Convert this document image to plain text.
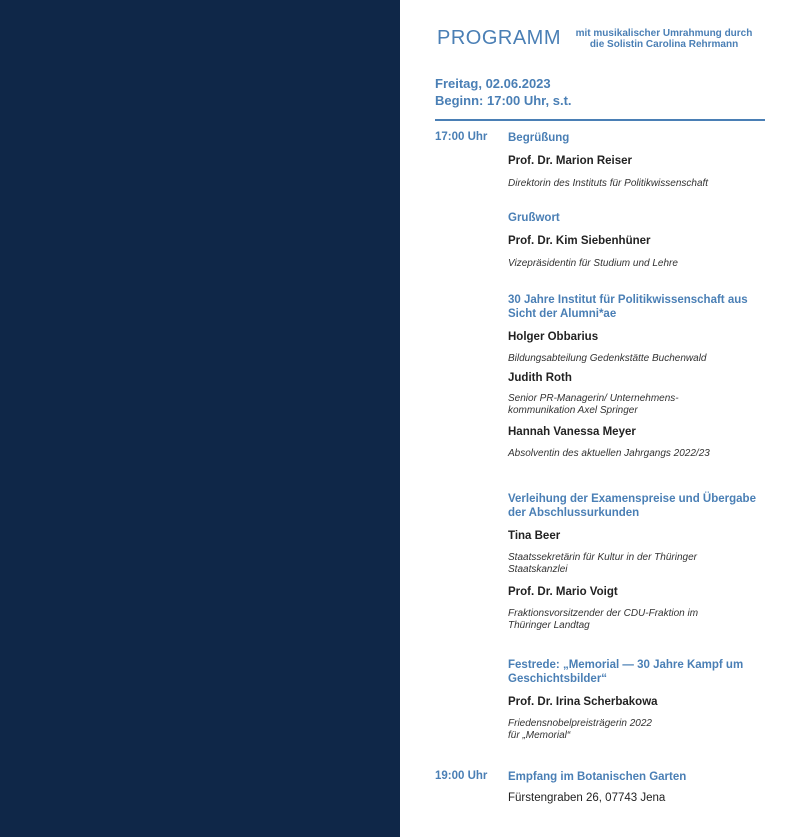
PROGRAMM	mit musikalischer Umrahmung durch
die Solistin Carolina Rehrmann
Freitag, 02.06.2023
Beginn: 17:00 Uhr, s.t.
17:00 Uhr Begrüßung
Prof. Dr. Marion Reiser
Direktorin des Instituts für Politikwissenschaft
Grußwort
Prof. Dr. Kim Siebenhüner
Vizepräsidentin für Studium und Lehre
30 Jahre Institut für Politikwissenschaft aus
Sicht der Alumni*ae
Holger Obbarius
Bildungsabteilung Gedenkstätte Buchenwald
Judith Roth
Senior PR-Managerin/ Unternehmens-
kommunikation Axel Springer
Hannah Vanessa Meyer
Absolventin des aktuellen Jahrgangs 2022/23
Verleihung der Examenspreise und Übergabe
der Abschlussurkunden
Tina Beer
Staatssekretärin für Kultur in der Thüringer
Staatskanzlei
Prof. Dr. Mario Voigt
Fraktionsvorsitzender der CDU-Fraktion im
Thüringer Landtag
Festrede: „Memorial — 30 Jahre Kampf um
Geschichtsbilder“
Prof. Dr. Irina Scherbakowa
Friedensnobelpreisträgerin 2022
für „Memorial“
19:00 Uhr Empfang im Botanischen Garten
Fürstengraben 26, 07743 Jena
